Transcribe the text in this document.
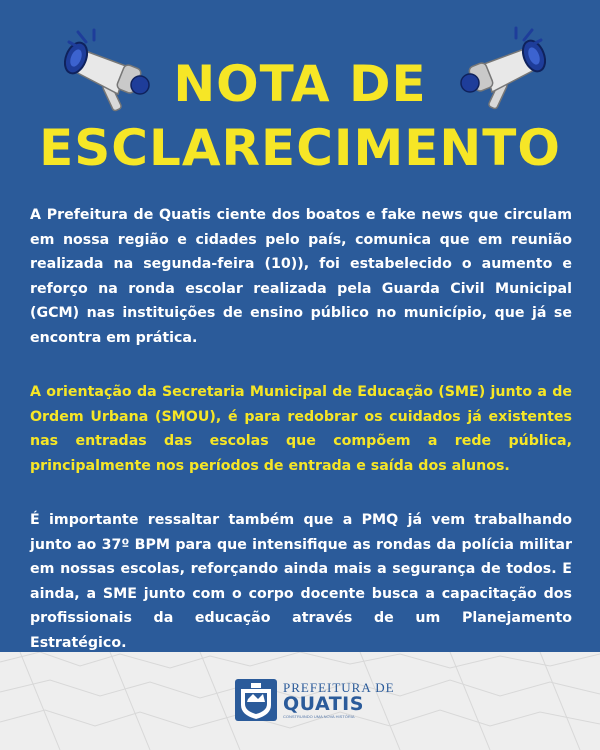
NOTA DE
ESCLARECIMENTO
A Prefeitura de Quatis ciente dos boatos e fake news que circulam em nossa região e cidades pelo país, comunica que em reunião realizada na segunda-feira (10)), foi estabelecido o aumento e reforço na ronda escolar realizada pela Guarda Civil Municipal (GCM) nas instituições de ensino público no município, que já se encontra em prática.
A orientação da Secretaria Municipal de Educação (SME) junto a de Ordem Urbana (SMOU), é para redobrar os cuidados já existentes nas entradas das escolas que compõem a rede pública, principalmente nos períodos de entrada e saída dos alunos.
É importante ressaltar também que a PMQ já vem trabalhando junto ao 37º BPM para que intensifique as rondas da polícia militar em nossas escolas, reforçando ainda mais a segurança de todos. E ainda, a SME junto com o corpo docente busca a capacitação dos profissionais da educação através de um Planejamento Estratégico.
PREFEITURA DE
QUATIS
CONSTRUINDO UMA NOVA HISTÓRIA
